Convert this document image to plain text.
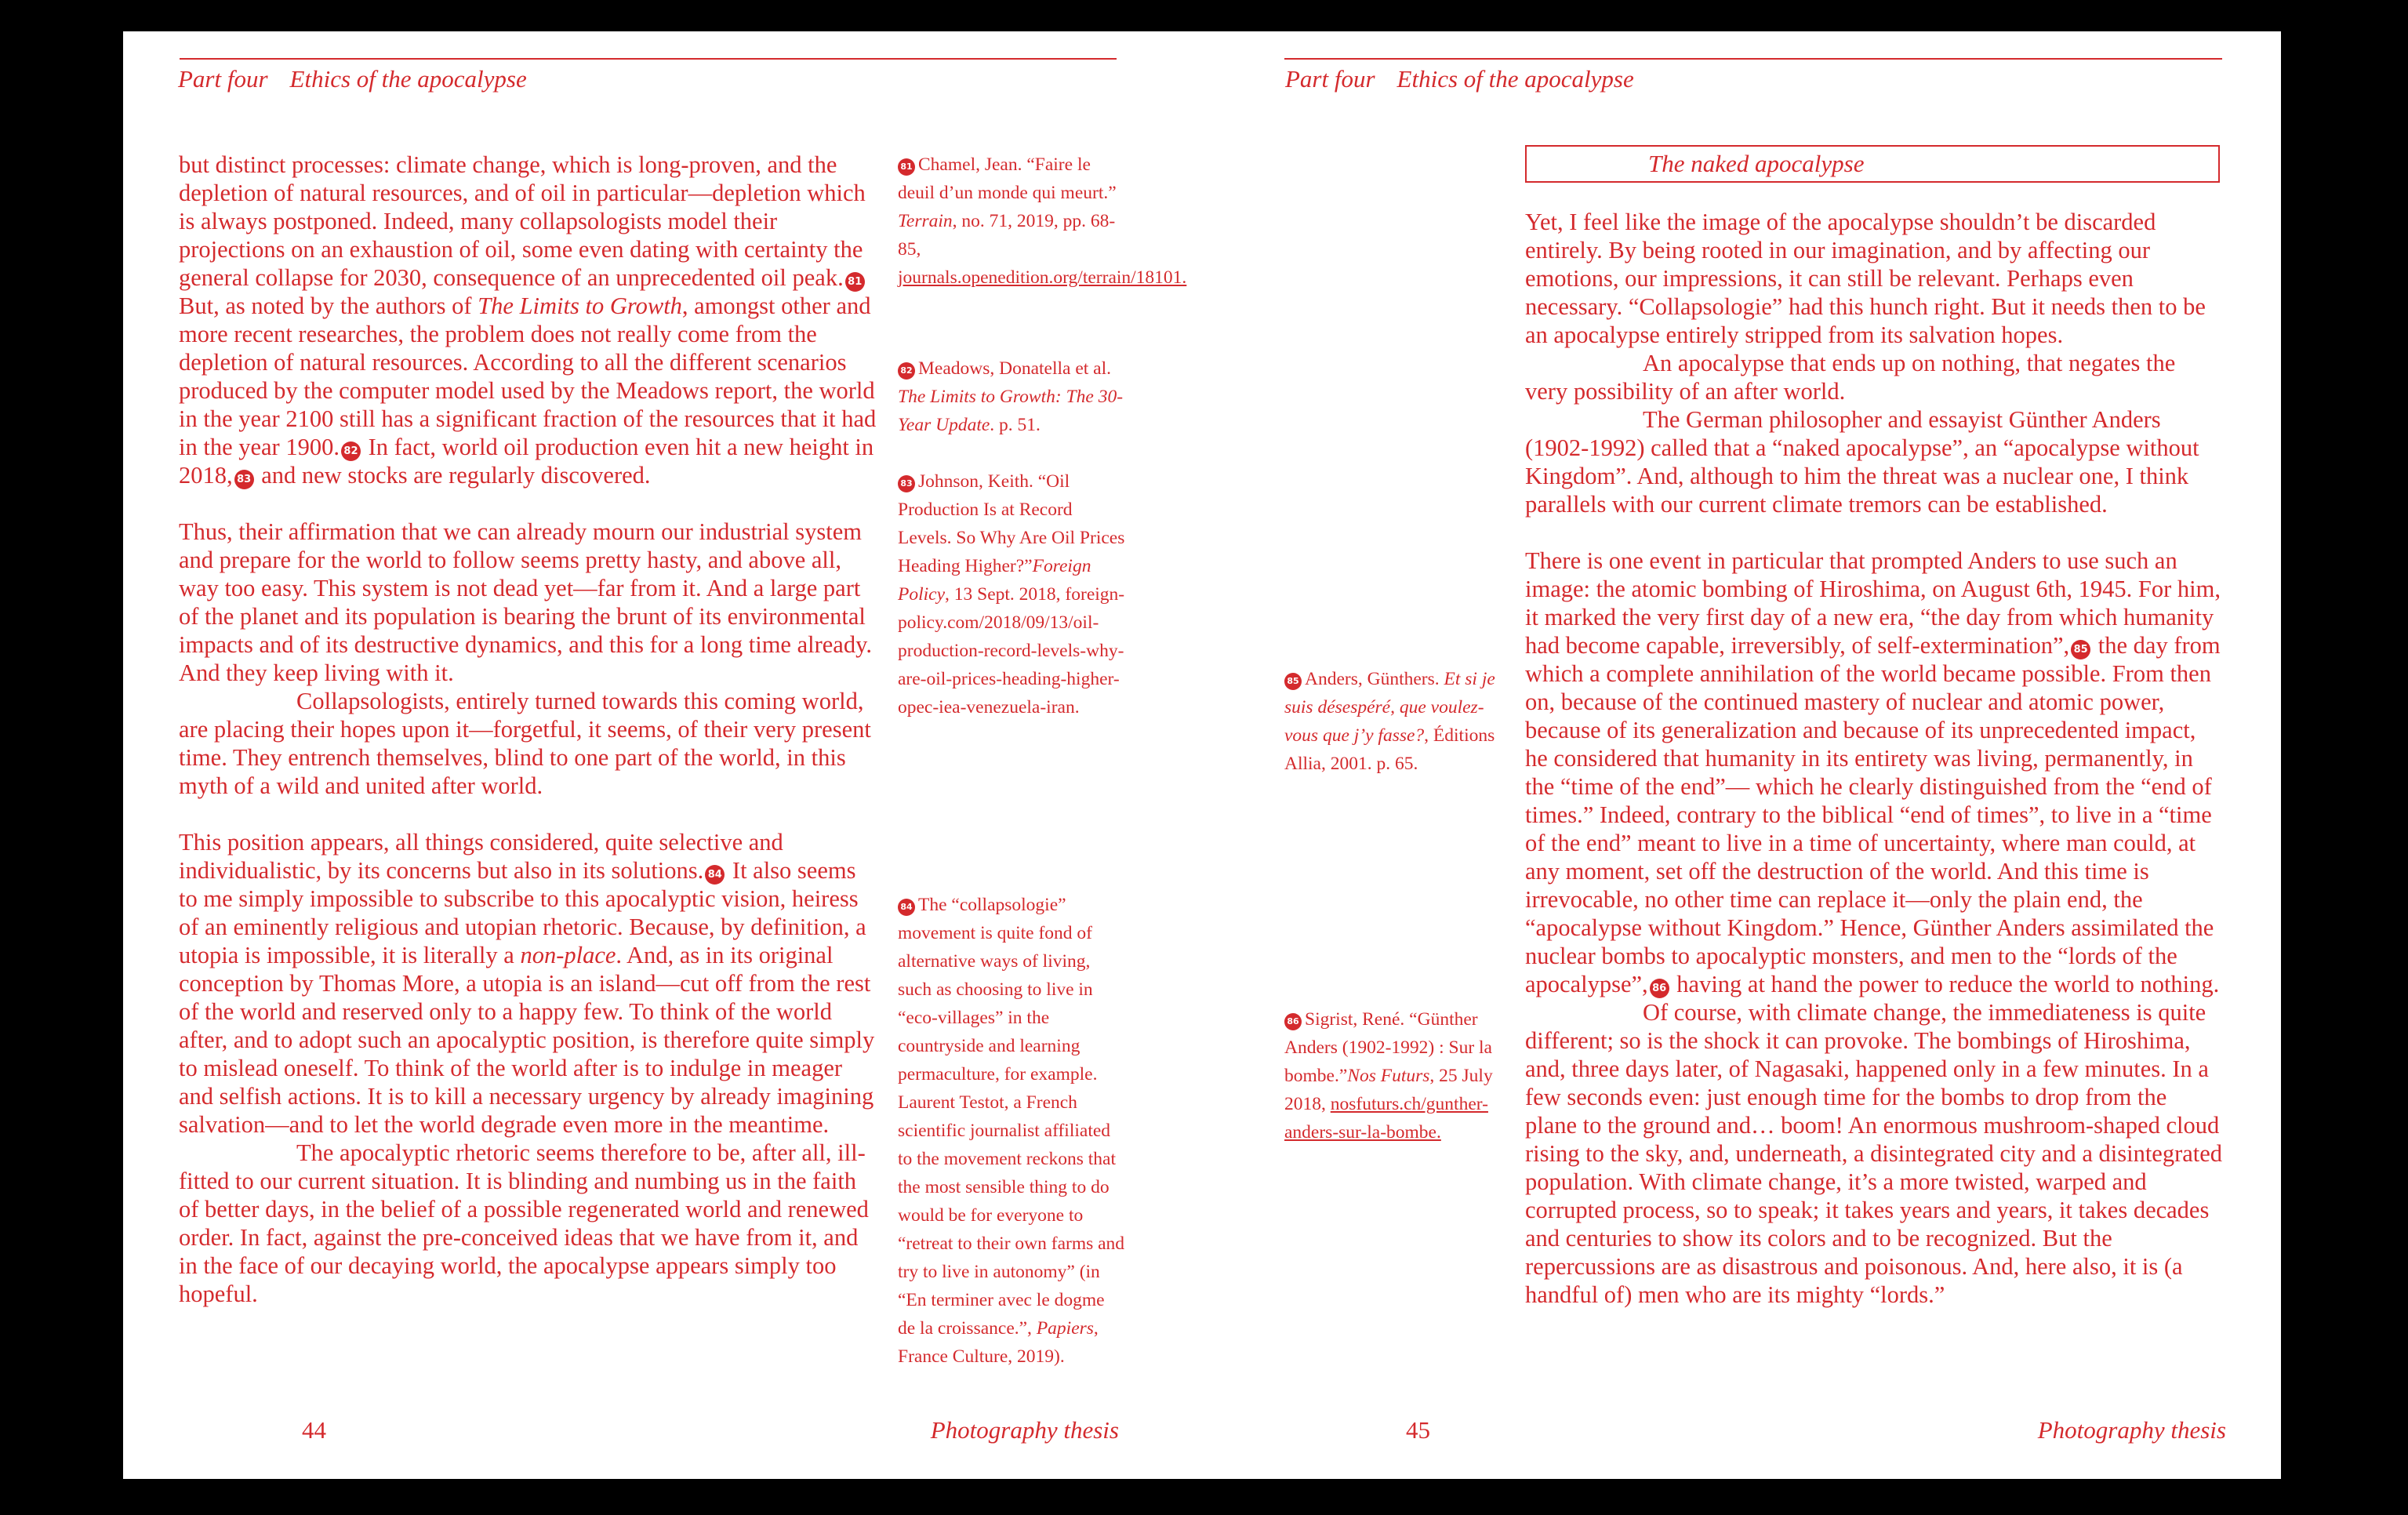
Part four Ethics of the apocalypse

but distinct processes: climate change, which is long-proven, and the depletion of natural resources, and of oil in particular—depletion which is always postponed. Indeed, many collapsologists model their projections on an exhaustion of oil, some even dating with certainty the general collapse for 2030, consequence of an unprecedented oil peak. 81 But, as noted by the authors of The Limits to Growth, amongst other and more recent researches, the problem does not really come from the depletion of natural resources. According to all the different scenarios produced by the computer model used by the Meadows report, the world in the year 2100 still has a significant fraction of the resources that it had in the year 1900. 82 In fact, world oil production even hit a new height in 2018, 83 and new stocks are regularly discovered.

Thus, their affirmation that we can already mourn our industrial system and prepare for the world to follow seems pretty hasty, and above all, way too easy. This system is not dead yet—far from it. And a large part of the planet and its population is bearing the brunt of its environmental impacts and of its destructive dynamics, and this for a long time already. And they keep living with it.

Collapsologists, entirely turned towards this coming world, are placing their hopes upon it—forgetful, it seems, of their very present time. They entrench themselves, blind to one part of the world, in this myth of a wild and united after world.

This position appears, all things considered, quite selective and individualistic, by its concerns but also in its solutions. 84 It also seems to me simply impossible to subscribe to this apocalyptic vision, heiress of an eminently religious and utopian rhetoric. Because, by definition, a utopia is impossible, it is literally a non-place. And, as in its original conception by Thomas More, a utopia is an island—cut off from the rest of the world and reserved only to a happy few. To think of the world after, and to adopt such an apocalyptic position, is therefore quite simply to mislead oneself. To think of the world after is to indulge in meager and selfish actions. It is to kill a necessary urgency by already imagining salvation—and to let the world degrade even more in the meantime.

The apocalyptic rhetoric seems therefore to be, after all, ill-fitted to our current situation. It is blinding and numbing us in the faith of better days, in the belief of a possible regenerated world and renewed order. In fact, against the pre-conceived ideas that we have from it, and in the face of our decaying world, the apocalypse appears simply too hopeful.

81 Chamel, Jean. “Faire le deuil d’un monde qui meurt.” Terrain, no. 71, 2019, pp. 68-85, journals.openedition.org/terrain/18101.
82 Meadows, Donatella et al. The Limits to Growth: The 30-Year Update. p. 51.
83 Johnson, Keith. “Oil Production Is at Record Levels. So Why Are Oil Prices Heading Higher?”Foreign Policy, 13 Sept. 2018, foreign-policy.com/2018/09/13/oil-production-record-levels-why-are-oil-prices-heading-higher-opec-iea-venezuela-iran.
84 The “collapsologie” movement is quite fond of alternative ways of living, such as choosing to live in “eco-villages” in the countryside and learning permaculture, for example. Laurent Testot, a French scientific journalist affiliated to the movement reckons that the most sensible thing to do would be for everyone to “retreat to their own farms and try to live in autonomy” (in “En terminer avec le dogme de la croissance.”, Papiers, France Culture, 2019).
44	Photography thesis
Part four Ethics of the apocalypse
The naked apocalypse

Yet, I feel like the image of the apocalypse shouldn’t be discarded entirely. By being rooted in our imagination, and by affecting our emotions, our impressions, it can still be relevant. Perhaps even necessary. “Collapsologie” had this hunch right. But it needs then to be an apocalypse entirely stripped from its salvation hopes.

An apocalypse that ends up on nothing, that negates the very possibility of an after world.

The German philosopher and essayist Günther Anders (1902-1992) called that a “naked apocalypse”, an “apocalypse without Kingdom”. And, although to him the threat was a nuclear one, I think parallels with our current climate tremors can be established.

There is one event in particular that prompted Anders to use such an image: the atomic bombing of Hiroshima, on August 6th, 1945. For him, it marked the very first day of a new era, “the day from which humanity had become capable, irreversibly, of self-extermination”, 85 the day from which a complete annihilation of the world became possible. From then on, because of the continued mastery of nuclear and atomic power, because of its generalization and because of its unprecedented impact, he considered that humanity in its entirety was living, permanently, in the “time of the end”— which he clearly distinguished from the “end of times.” Indeed, contrary to the biblical “end of times”, to live in a “time of the end” meant to live in a time of uncertainty, where man could, at any moment, set off the destruction of the world. And this time is irrevocable, no other time can replace it—only the plain end, the “apocalypse without Kingdom.” Hence, Günther Anders assimilated the nuclear bombs to apocalyptic monsters, and men to the “lords of the apocalypse”, 86 having at hand the power to reduce the world to nothing.

Of course, with climate change, the immediateness is quite different; so is the shock it can provoke. The bombings of Hiroshima, and, three days later, of Nagasaki, happened only in a few minutes. In a few seconds even: just enough time for the bombs to drop from the plane to the ground and… boom! An enormous mushroom-shaped cloud rising to the sky, and, underneath, a disintegrated city and a disintegrated population. With climate change, it’s a more twisted, warped and corrupted process, so to speak; it takes years and years, it takes decades and centuries to show its colors and to be recognized. But the repercussions are as disastrous and poisonous. And, here also, it is (a handful of) men who are its mighty “lords.”

85 Anders, Günthers. Et si je suis désespéré, que voulez-vous que j’y fasse?, Éditions Allia, 2001. p. 65.
86 Sigrist, René. “Günther Anders (1902-1992) : Sur la bombe.”Nos Futurs, 25 July 2018, nosfuturs.ch/gunther-anders-sur-la-bombe.
45	Photography thesis
